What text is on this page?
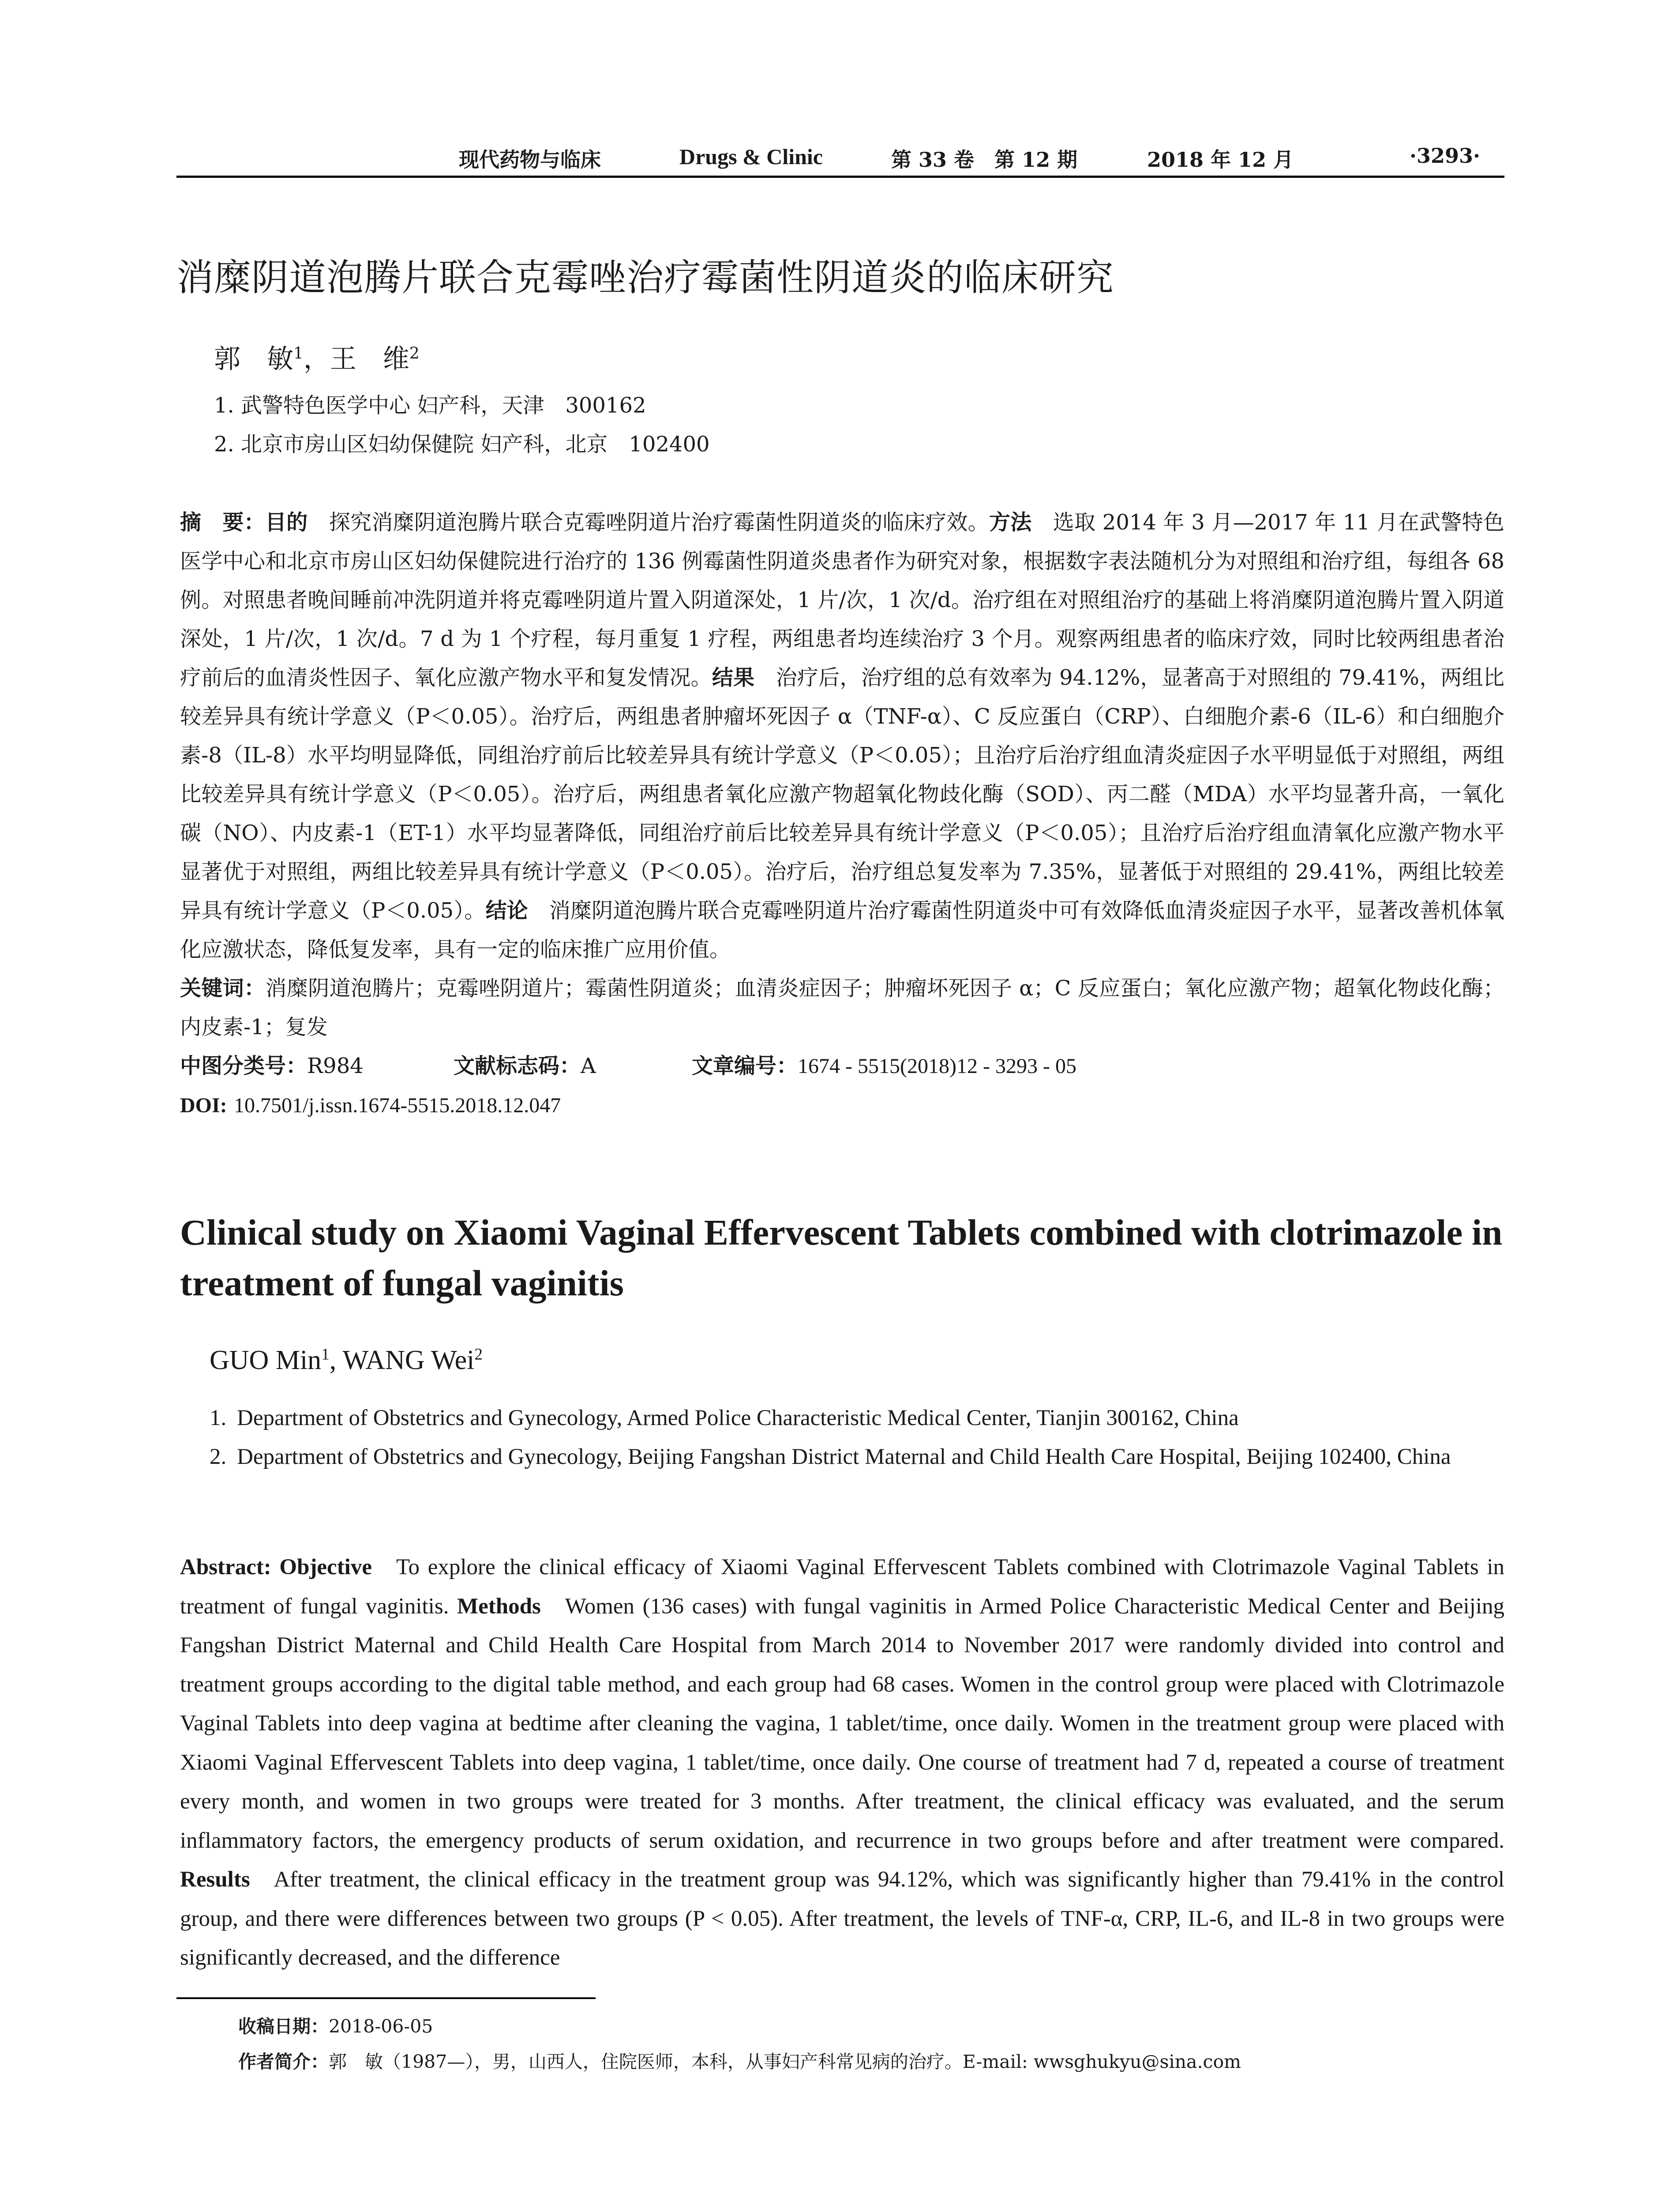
现代药物与临床	Drugs & Clinic	第 33 卷　第 12 期	2018 年 12 月	·3293·
消糜阴道泡腾片联合克霉唑治疗霉菌性阴道炎的临床研究
郭　敏$^1$，王　维$^2$
1. 武警特色医学中心 妇产科，天津　300162
2. 北京市房山区妇幼保健院 妇产科，北京　102400

摘　要：目的　 探究消糜阴道泡腾片联合克霉唑阴道片治疗霉菌性阴道炎的临床疗效。方法　 选取 2014 年 3 月—2017 年 11 月在武警特色医学中心和北京市房山区妇幼保健院进行治疗的 136 例霉菌性阴道炎患者作为研究对象，根据数字表法随机分为对照组和治疗组，每组各 68 例。对照患者晚间睡前冲洗阴道并将克霉唑阴道片置入阴道深处，1 片/次，1 次/d。治疗组在对照组治疗的基础上将消糜阴道泡腾片置入阴道深处，1 片/次，1 次/d。7 d 为 1 个疗程，每月重复 1 疗程，两组患者均连续治疗 3 个月。观察两组患者的临床疗效，同时比较两组患者治疗前后的血清炎性因子、氧化应激产物水平和复发情况。结果　 治疗后，治疗组的总有效率为 94.12%，显著高于对照组的 79.41%，两组比较差异具有统计学意义（P＜0.05）。治疗后，两组患者肿瘤坏死因子 α（TNF-α）、C 反应蛋白（CRP）、白细胞介素-6（IL-6）和白细胞介素-8（IL-8）水平均明显降低，同组治疗前后比较差异具有统计学意义（P＜0.05）；且治疗后治疗组血清炎症因子水平明显低于对照组，两组比较差异具有统计学意义（P＜0.05）。治疗后，两组患者氧化应激产物超氧化物歧化酶（SOD）、丙二醛（MDA）水平均显著升高，一氧化碳（NO）、内皮素-1（ET-1）水平均显著降低，同组治疗前后比较差异具有统计学意义（P＜0.05）；且治疗后治疗组血清氧化应激产物水平显著优于对照组，两组比较差异具有统计学意义（P＜0.05）。治疗后，治疗组总复发率为 7.35%，显著低于对照组的 29.41%，两组比较差异具有统计学意义（P＜0.05）。结论　 消糜阴道泡腾片联合克霉唑阴道片治疗霉菌性阴道炎中可有效降低血清炎症因子水平，显著改善机体氧化应激状态，降低复发率，具有一定的临床推广应用价值。

关键词：消糜阴道泡腾片；克霉唑阴道片；霉菌性阴道炎；血清炎症因子；肿瘤坏死因子 α；C 反应蛋白；氧化应激产物；超氧化物歧化酶；内皮素-1；复发

中图分类号：R984	文献标志码：A	文章编号：1674 - 5515(2018)12 - 3293 - 05

DOI: 10.7501/j.issn.1674-5515.2018.12.047

Clinical study on Xiaomi Vaginal Effervescent Tablets combined with clotrimazole in treatment of fungal vaginitis
GUO Min$^1$, WANG Wei$^2$
1. Department of Obstetrics and Gynecology, Armed Police Characteristic Medical Center, Tianjin 300162, China
2. Department of Obstetrics and Gynecology, Beijing Fangshan District Maternal and Child Health Care Hospital, Beijing 102400, China
Abstract: Objective To explore the clinical efficacy of Xiaomi Vaginal Effervescent Tablets combined with Clotrimazole Vaginal Tablets in treatment of fungal vaginitis. Methods Women (136 cases) with fungal vaginitis in Armed Police Characteristic Medical Center and Beijing Fangshan District Maternal and Child Health Care Hospital from March 2014 to November 2017 were randomly divided into control and treatment groups according to the digital table method, and each group had 68 cases. Women in the control group were placed with Clotrimazole Vaginal Tablets into deep vagina at bedtime after cleaning the vagina, 1 tablet/time, once daily. Women in the treatment group were placed with Xiaomi Vaginal Effervescent Tablets into deep vagina, 1 tablet/time, once daily. One course of treatment had 7 d, repeated a course of treatment every month, and women in two groups were treated for 3 months. After treatment, the clinical efficacy was evaluated, and the serum inflammatory factors, the emergency products of serum oxidation, and recurrence in two groups before and after treatment were compared. Results After treatment, the clinical efficacy in the treatment group was 94.12%, which was significantly higher than 79.41% in the control group, and there were differences between two groups (P < 0.05). After treatment, the levels of TNF-α, CRP, IL-6, and IL-8 in two groups were significantly decreased, and the difference
收稿日期：2018-06-05
作者简介：郭　敏（1987—），男，山西人，住院医师，本科，从事妇产科常见病的治疗。E-mail: wwsghukyu@sina.com
